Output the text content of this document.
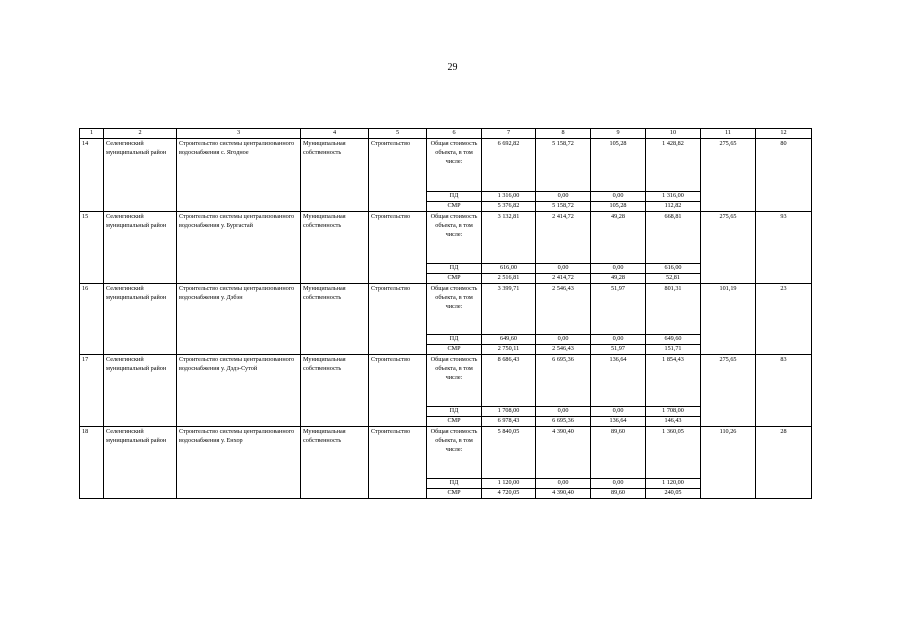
29
1	2	3	4	5	6	7	8	9	10	11	12
14	Селенгинский муниципальный район	Строительство системы централизованного водоснабжения с. Ягодное	Муниципальная собственность	Строительство	Общая стоимость объекта, в том числе:	6 692,82	5 158,72	105,28	1 428,82	275,65	80
					ПД	1 316,00	0,00	0,00	1 316,00		
					СМР	5 376,82	5 158,72	105,28	112,82		
15	Селенгинский муниципальный район	Строительство системы централизованного водоснабжения у. Бургастай	Муниципальная собственность	Строительство	Общая стоимость объекта, в том числе:	3 132,81	2 414,72	49,28	668,81	275,65	93
					ПД	616,00	0,00	0,00	616,00		
					СМР	2 516,81	2 414,72	49,28	52,81		
16	Селенгинский муниципальный район	Строительство системы централизованного водоснабжения у. Дэбэн	Муниципальная собственность	Строительство	Общая стоимость объекта, в том числе:	3 399,71	2 546,43	51,97	801,31	101,19	23
					ПД	649,60	0,00	0,00	649,60		
					СМР	2 750,11	2 546,43	51,97	151,71		
17	Селенгинский муниципальный район	Строительство системы централизованного водоснабжения у. Дэдэ-Сутой	Муниципальная собственность	Строительство	Общая стоимость объекта, в том числе:	8 686,43	6 695,36	136,64	1 854,43	275,65	83
					ПД	1 708,00	0,00	0,00	1 708,00		
					СМР	6 978,43	6 695,36	136,64	146,43		
18	Селенгинский муниципальный район	Строительство системы централизованного водоснабжения у. Енхор	Муниципальная собственность	Строительство	Общая стоимость объекта, в том числе:	5 840,05	4 390,40	89,60	1 360,05	110,26	28
					ПД	1 120,00	0,00	0,00	1 120,00		
					СМР	4 720,05	4 390,40	89,60	240,05		
